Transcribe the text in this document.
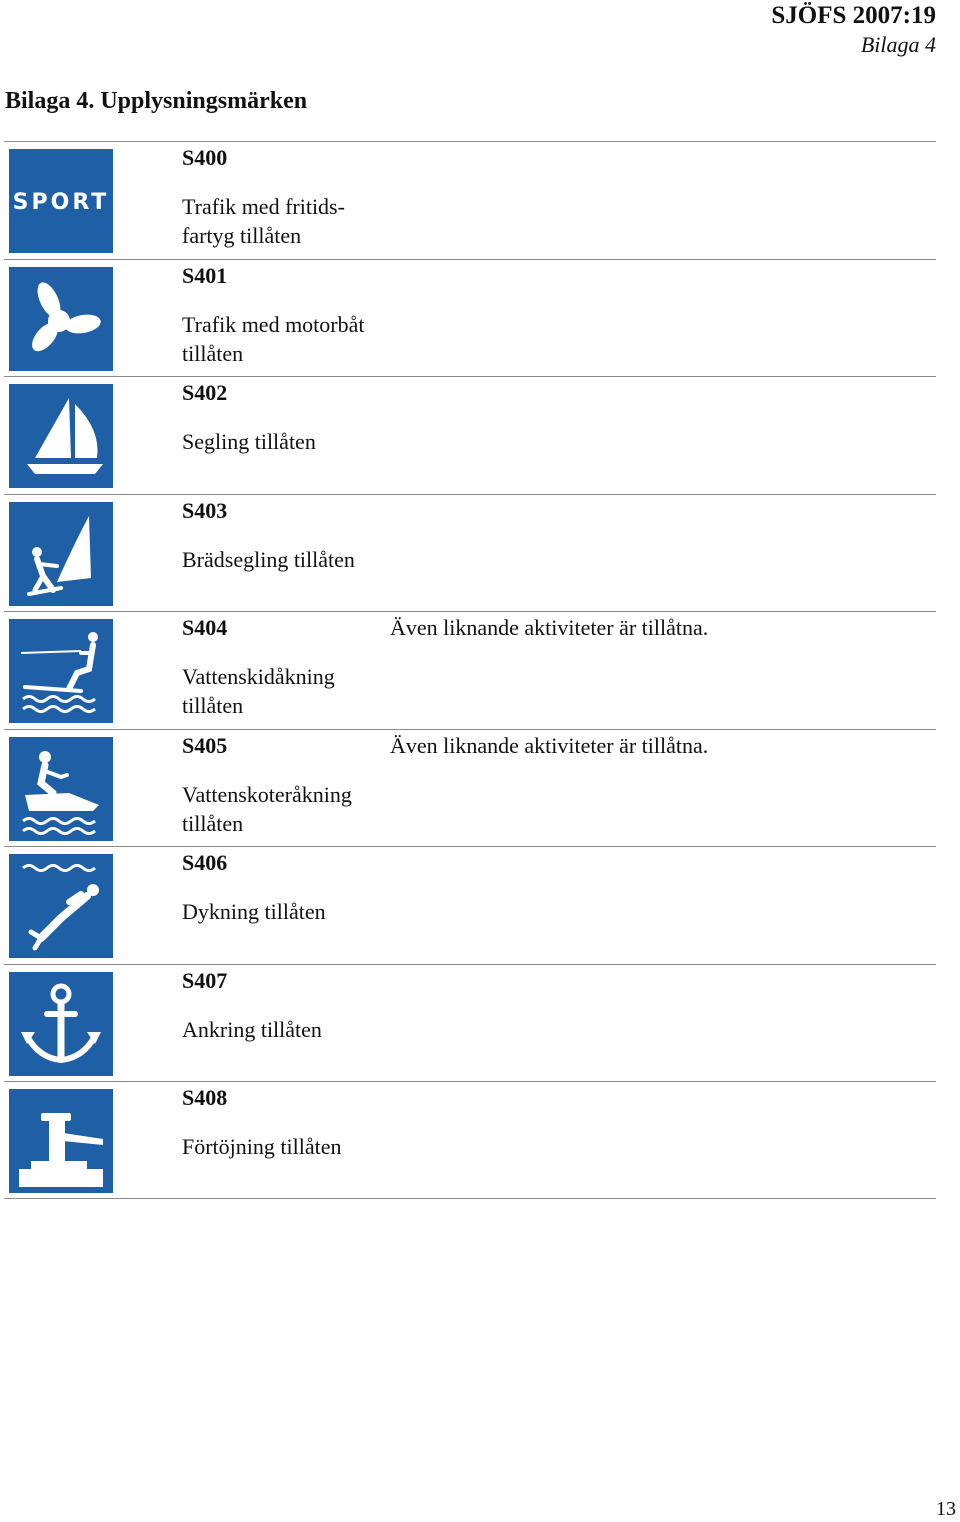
SJÖFS 2007:19
Bilaga 4
Bilaga 4. Upplysningsmärken
SPORT
S400
Trafik med fritids-fartyg tillåten
S401
Trafik med motorbåt tillåten
S402
Segling tillåten
S403
Brädsegling tillåten
S404
Vattenskidåkning tillåten
Även liknande aktiviteter är tillåtna.
S405
Vattenskoteråkning tillåten
Även liknande aktiviteter är tillåtna.
S406
Dykning tillåten
S407
Ankring tillåten
S408
Förtöjning tillåten
13
